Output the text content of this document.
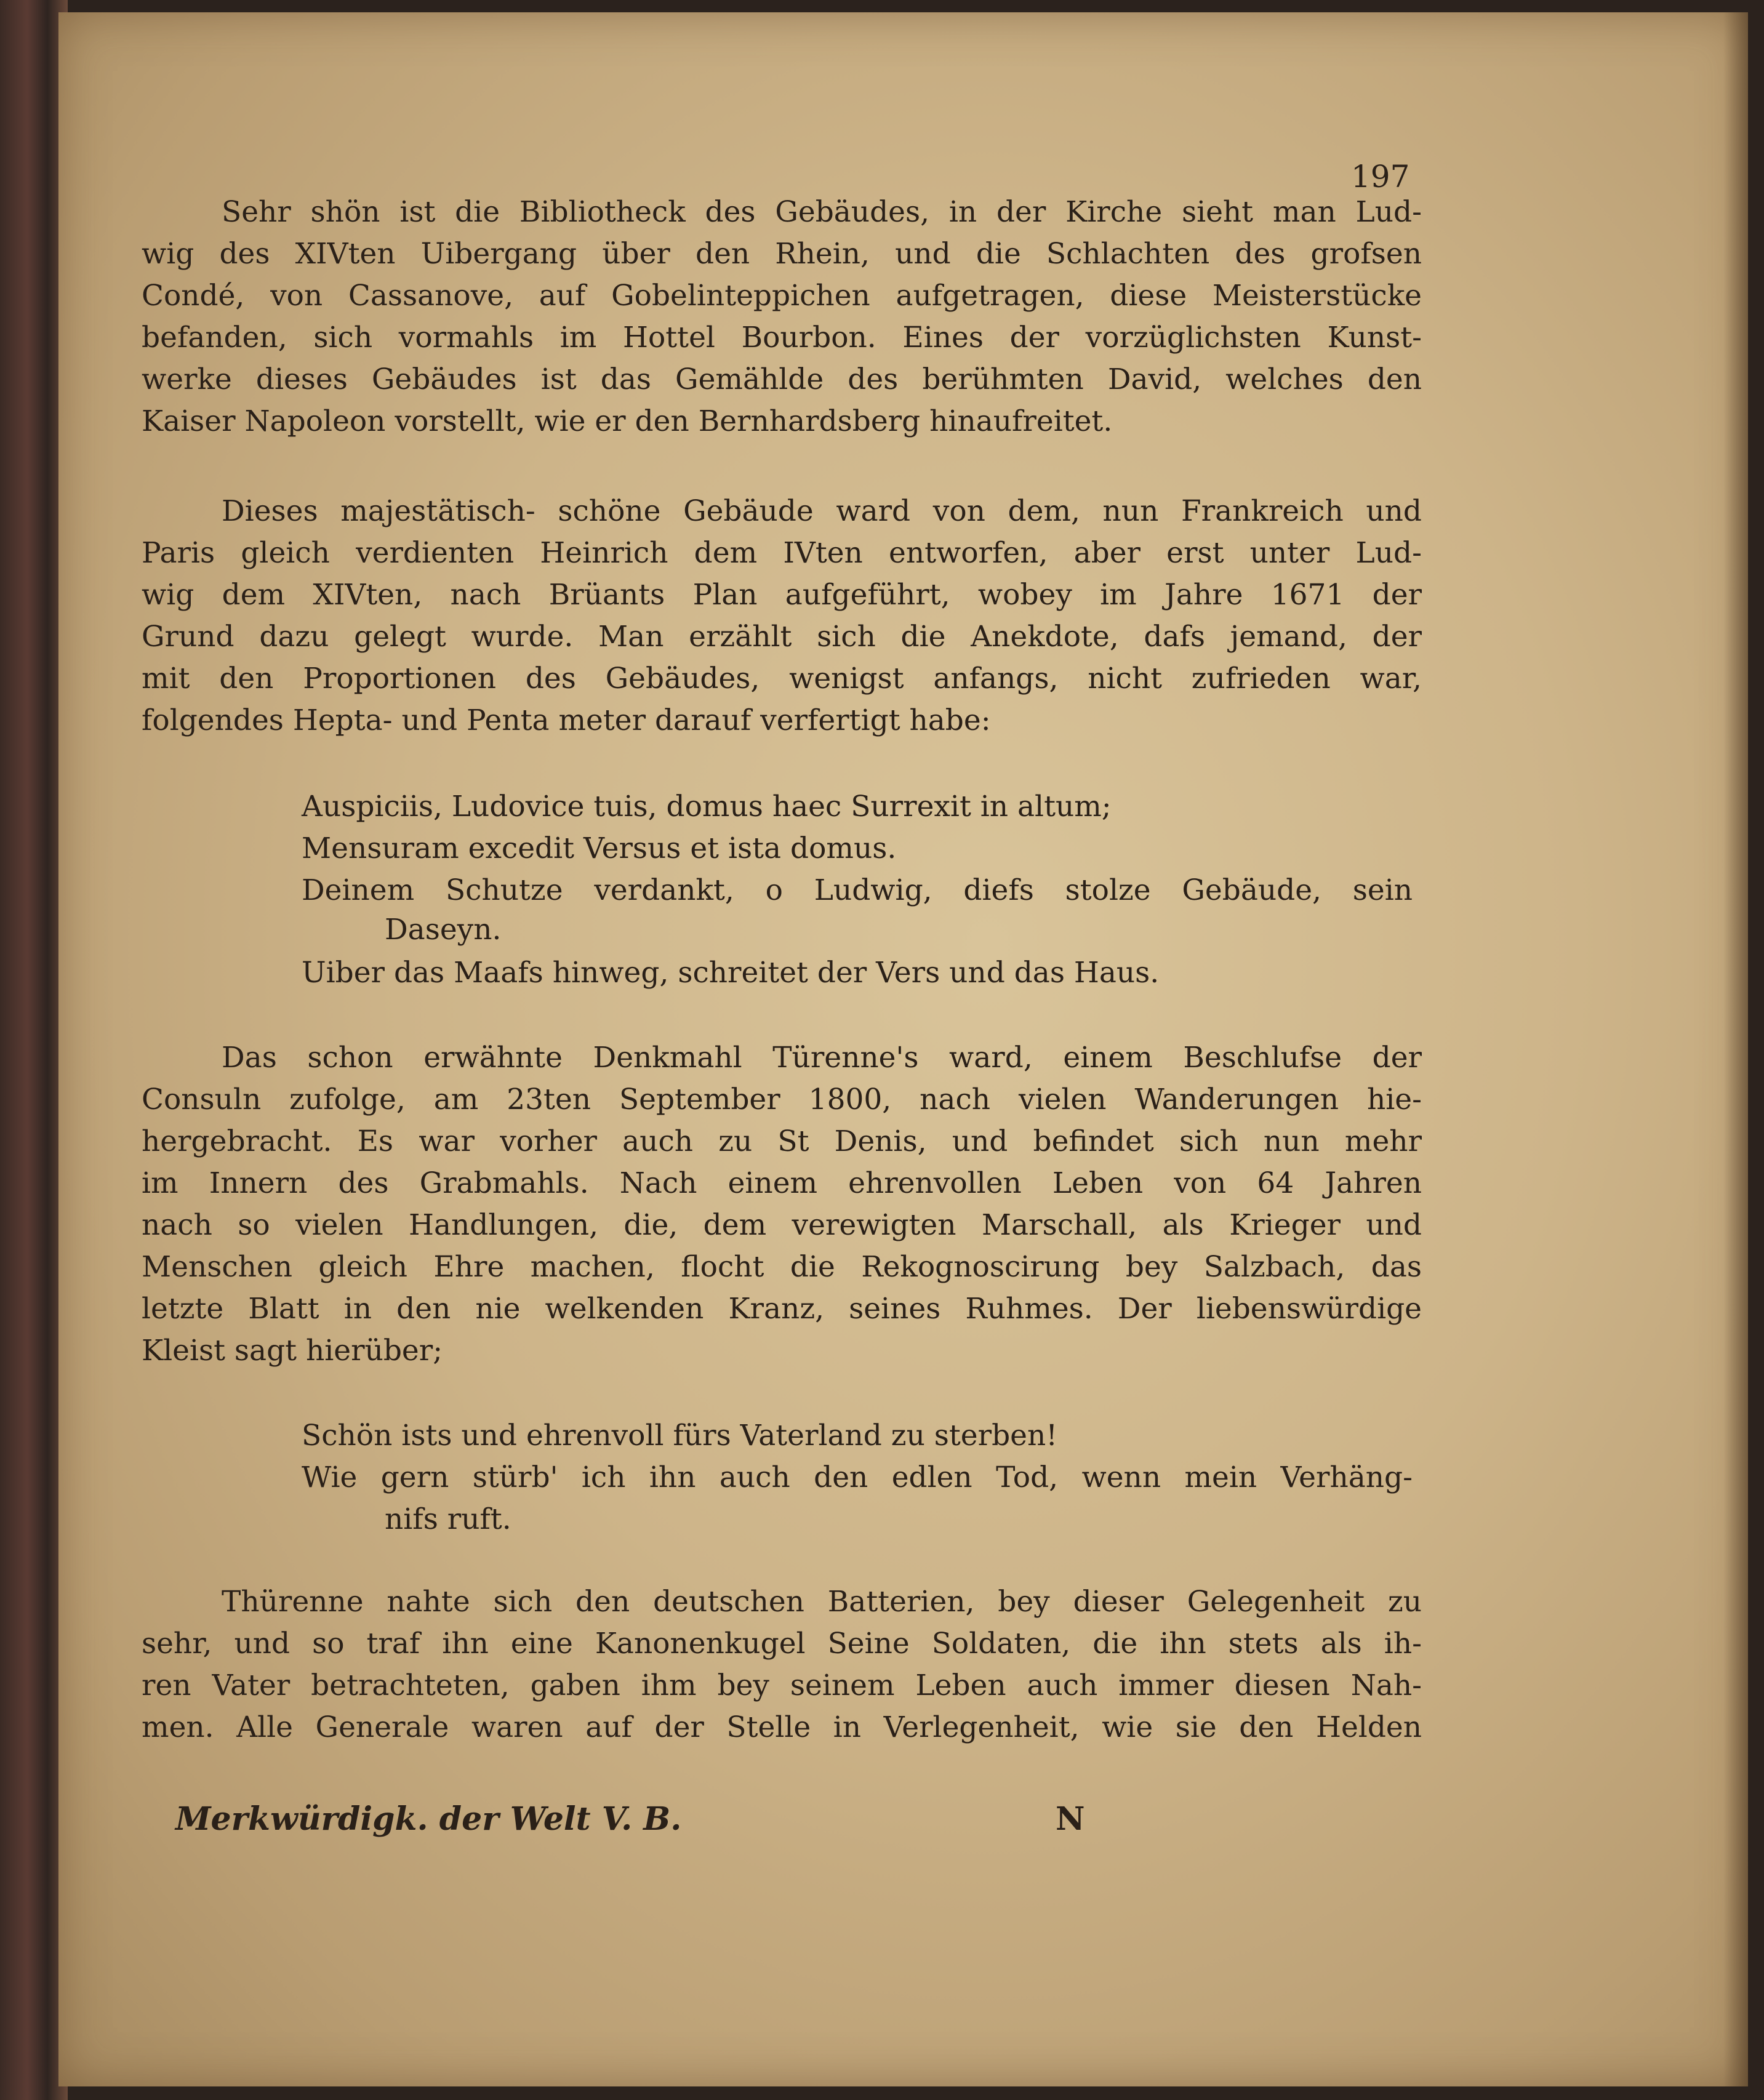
197
Sehr shön ist die Bibliotheck des Gebäudes, in der Kirche sieht man Lud-
wig des XIVten Uibergang über den Rhein, und die Schlachten des grofsen
Condé, von Cassanove, auf Gobelinteppichen aufgetragen, diese Meisterstücke
befanden, sich vormahls im Hottel Bourbon. Eines der vorzüglichsten Kunst-
werke dieses Gebäudes ist das Gemählde des berühmten David, welches den
Kaiser Napoleon vorstellt, wie er den Bernhardsberg hinaufreitet.
Dieses majestätisch- schöne Gebäude ward von dem, nun Frankreich und
Paris gleich verdienten Heinrich dem IVten entworfen, aber erst unter Lud-
wig dem XIVten, nach Brüants Plan aufgeführt, wobey im Jahre 1671 der
Grund dazu gelegt wurde. Man erzählt sich die Anekdote, dafs jemand, der
mit den Proportionen des Gebäudes, wenigst anfangs, nicht zufrieden war,
folgendes Hepta- und Penta meter darauf verfertigt habe:
Auspiciis, Ludovice tuis, domus haec Surrexit in altum;
Mensuram excedit Versus et ista domus.
Deinem Schutze verdankt, o Ludwig, diefs stolze Gebäude, sein
Daseyn.
Uiber das Maafs hinweg, schreitet der Vers und das Haus.
Das schon erwähnte Denkmahl Türenne's ward, einem Beschlufse der
Consuln zufolge, am 23ten September 1800, nach vielen Wanderungen hie-
hergebracht. Es war vorher auch zu St Denis, und befindet sich nun mehr
im Innern des Grabmahls. Nach einem ehrenvollen Leben von 64 Jahren
nach so vielen Handlungen, die, dem verewigten Marschall, als Krieger und
Menschen gleich Ehre machen, flocht die Rekognoscirung bey Salzbach, das
letzte Blatt in den nie welkenden Kranz, seines Ruhmes. Der liebenswürdige
Kleist sagt hierüber;
Schön ists und ehrenvoll fürs Vaterland zu sterben!
Wie gern stürb' ich ihn auch den edlen Tod, wenn mein Verhäng-
nifs ruft.
Thürenne nahte sich den deutschen Batterien, bey dieser Gelegenheit zu
sehr, und so traf ihn eine Kanonenkugel Seine Soldaten, die ihn stets als ih-
ren Vater betrachteten, gaben ihm bey seinem Leben auch immer diesen Nah-
men. Alle Generale waren auf der Stelle in Verlegenheit, wie sie den Helden
Merkwürdigk. der Welt V. B.	N
